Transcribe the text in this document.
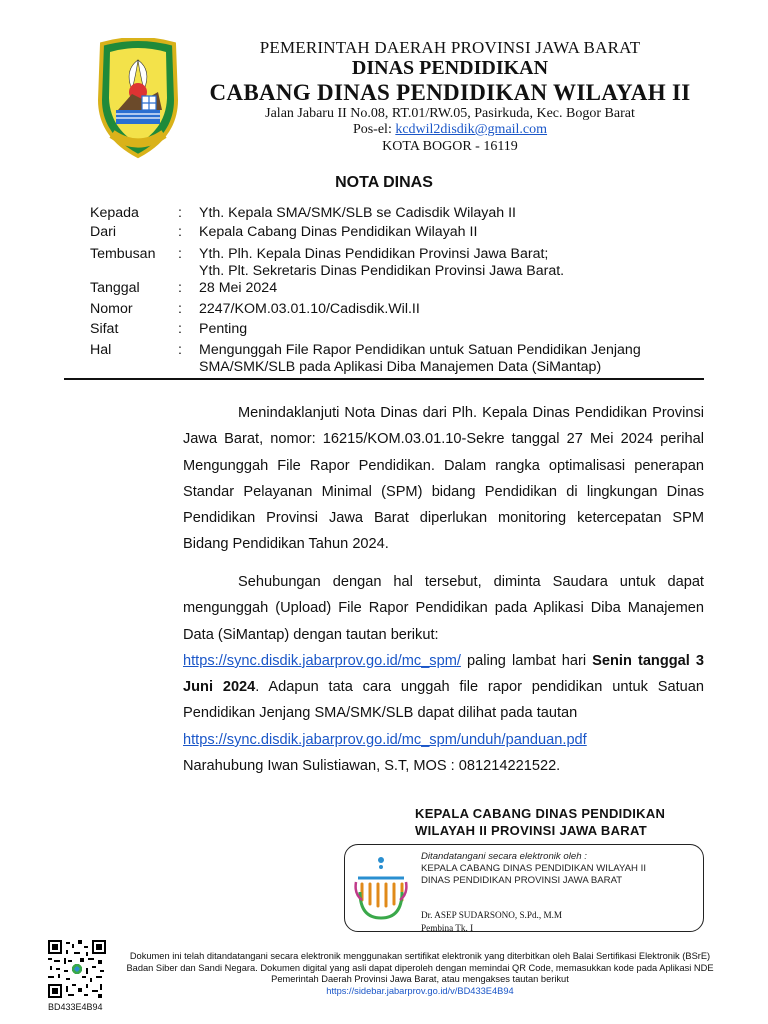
PEMERINTAH DAERAH PROVINSI JAWA BARAT
DINAS PENDIDIKAN
CABANG DINAS PENDIDIKAN WILAYAH II
Jalan Jabaru II No.08, RT.01/RW.05, Pasirkuda, Kec. Bogor Barat
Pos-el: kcdwil2disdik@gmail.com
KOTA BOGOR - 16119
NOTA DINAS
Kepada	: Yth. Kepala SMA/SMK/SLB se Cadisdik Wilayah II
Dari	: Kepala Cabang Dinas Pendidikan Wilayah II
Tembusan	: Yth. Plh. Kepala Dinas Pendidikan Provinsi Jawa Barat;
Yth. Plt. Sekretaris Dinas Pendidikan Provinsi Jawa Barat.
Tanggal	: 28 Mei 2024
Nomor	: 2247/KOM.03.01.10/Cadisdik.Wil.II
Sifat	: Penting
Hal	: Mengunggah File Rapor Pendidikan untuk Satuan Pendidikan Jenjang
SMA/SMK/SLB pada Aplikasi Diba Manajemen Data (SiMantap)

Menindaklanjuti Nota Dinas dari Plh. Kepala Dinas Pendidikan Provinsi Jawa Barat, nomor: 16215/KOM.03.01.10-Sekre tanggal 27 Mei 2024 perihal Mengunggah File Rapor Pendidikan. Dalam rangka optimalisasi penerapan Standar Pelayanan Minimal (SPM) bidang Pendidikan di lingkungan Dinas Pendidikan Provinsi Jawa Barat diperlukan monitoring ketercepatan SPM Bidang Pendidikan Tahun 2024.

Sehubungan dengan hal tersebut, diminta Saudara untuk dapat mengunggah (Upload) File Rapor Pendidikan pada Aplikasi Diba Manajemen Data (SiMantap) dengan tautan berikut:

https://sync.disdik.jabarprov.go.id/mc_spm/ paling lambat hari Senin tanggal 3 Juni 2024. Adapun tata cara unggah file rapor pendidikan untuk Satuan Pendidikan Jenjang SMA/SMK/SLB dapat dilihat pada tautan

https://sync.disdik.jabarprov.go.id/mc_spm/unduh/panduan.pdf

Narahubung Iwan Sulistiawan, S.T, MOS : 081214221522.

KEPALA CABANG DINAS PENDIDIKAN
WILAYAH II PROVINSI JAWA BARAT
Ditandatangani secara elektronik oleh :
KEPALA CABANG DINAS PENDIDIKAN WILAYAH II
DINAS PENDIDIKAN PROVINSI JAWA BARAT
Dr. ASEP SUDARSONO, S.Pd., M.M
Pembina Tk. I
BD433E4B94
Dokumen ini telah ditandatangani secara elektronik menggunakan sertifikat elektronik yang diterbitkan oleh Balai Sertifikasi Elektronik (BSrE) Badan Siber dan Sandi Negara. Dokumen digital yang asli dapat diperoleh dengan memindai QR Code, memasukkan kode pada Aplikasi NDE Pemerintah Daerah Provinsi Jawa Barat, atau mengakses tautan berikut
https://sidebar.jabarprov.go.id/v/BD433E4B94
